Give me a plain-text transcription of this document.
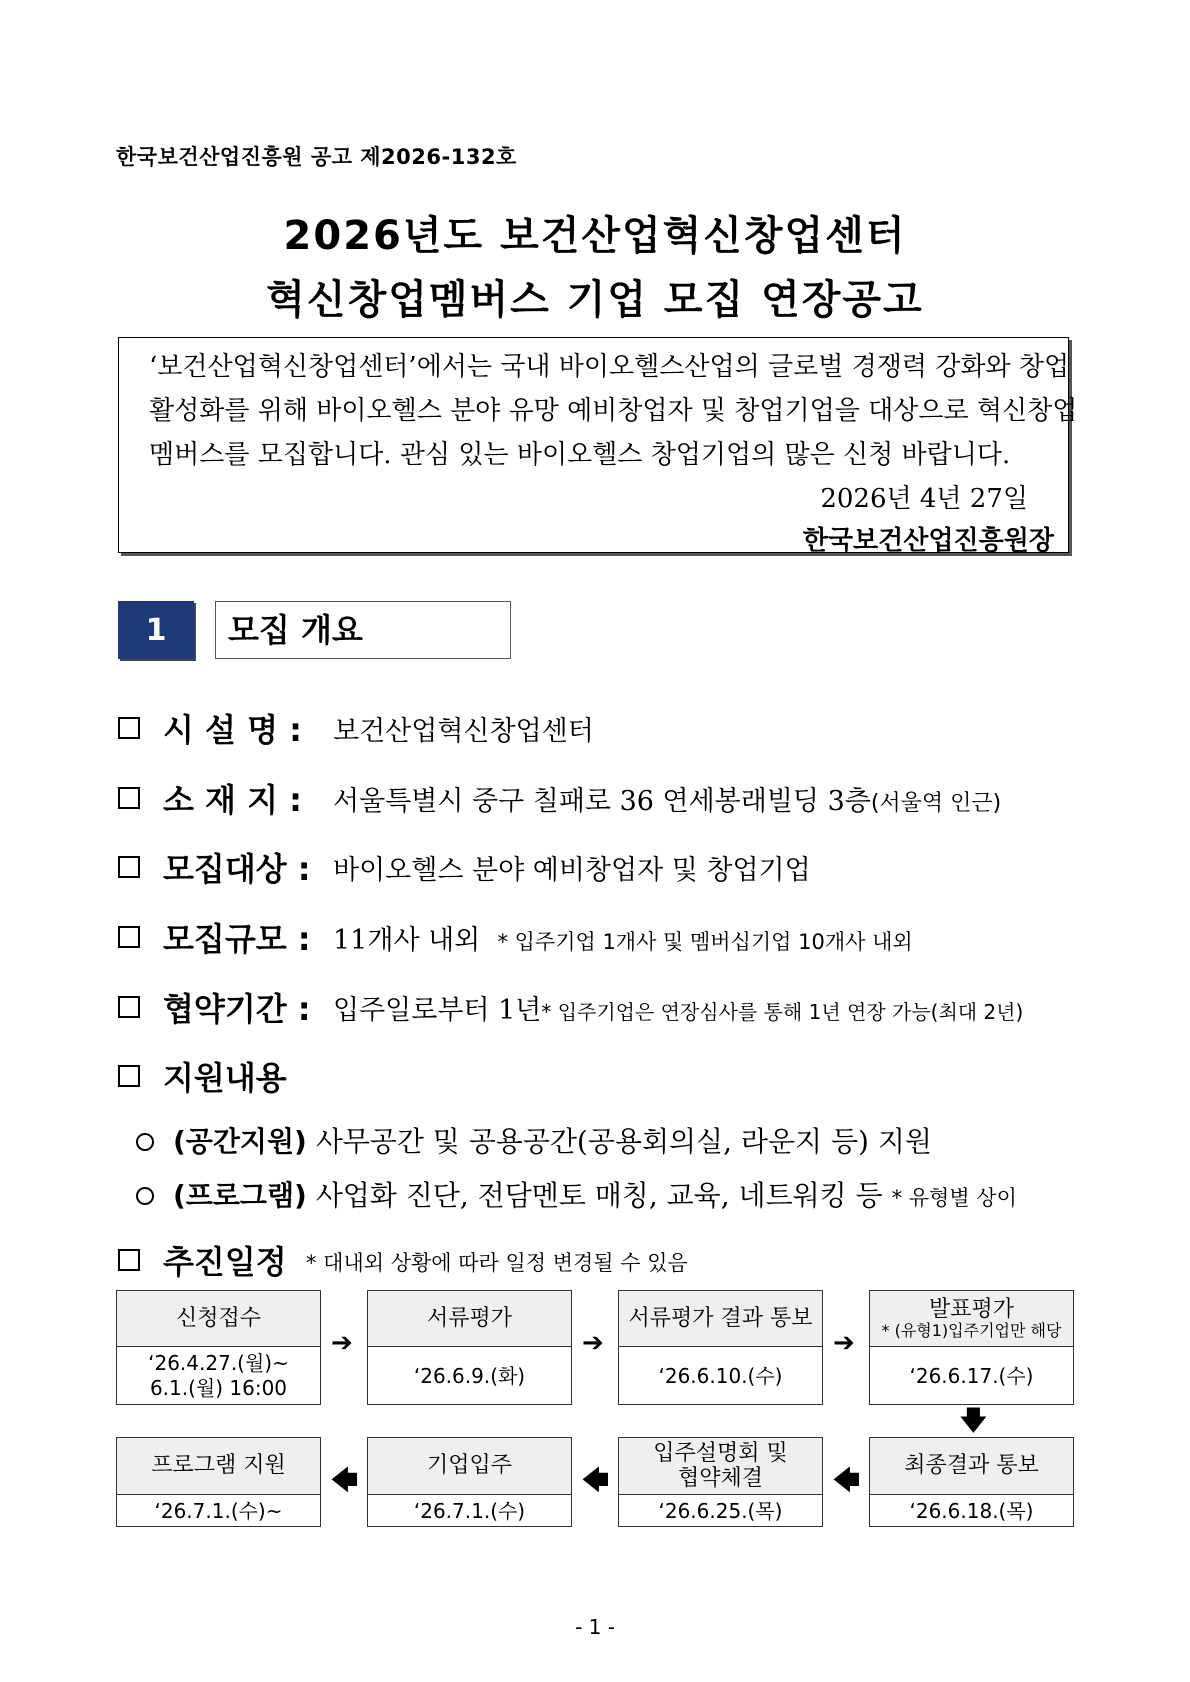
한국보건산업진흥원 공고 제2026-132호
2026년도 보건산업혁신창업센터
혁신창업멤버스 기업 모집 연장공고
‘보건산업혁신창업센터’에서는 국내 바이오헬스산업의 글로벌 경쟁력 강화와 창업
활성화를 위해 바이오헬스 분야 유망 예비창업자 및 창업기업을 대상으로 혁신창업
멤버스를 모집합니다. 관심 있는 바이오헬스 창업기업의 많은 신청 바랍니다.
2026년 4년 27일
한국보건산업진흥원장
1	모집 개요
시 설 명 : 보건산업혁신창업센터
소 재 지 : 서울특별시 중구 칠패로 36 연세봉래빌딩 3층(서울역 인근)
모집대상 : 바이오헬스 분야 예비창업자 및 창업기업
모집규모 : 11개사 내외 * 입주기업 1개사 및 멤버십기업 10개사 내외
협약기간 : 입주일로부터 1년* 입주기업은 연장심사를 통해 1년 연장 가능(최대 2년)
지원내용
(공간지원) 사무공간 및 공용공간(공용회의실, 라운지 등) 지원
(프로그램) 사업화 진단, 전담멘토 매칭, 교육, 네트워킹 등 * 유형별 상이
추진일정 * 대내외 상황에 따라 일정 변경될 수 있음
신청접수
‘26.4.27.(월)~
6.1.(월) 16:00
➔
서류평가
‘26.6.9.(화)
➔
서류평가 결과 통보
‘26.6.10.(수)
➔
발표평가
* (유형1)입주기업만 해당
‘26.6.17.(수)
🡇
최종결과 통보
‘26.6.18.(목)
🡄
입주설명회 및
협약체결
‘26.6.25.(목)
🡄
기업입주
‘26.7.1.(수)
🡄
프로그램 지원
‘26.7.1.(수)~
- 1 -
